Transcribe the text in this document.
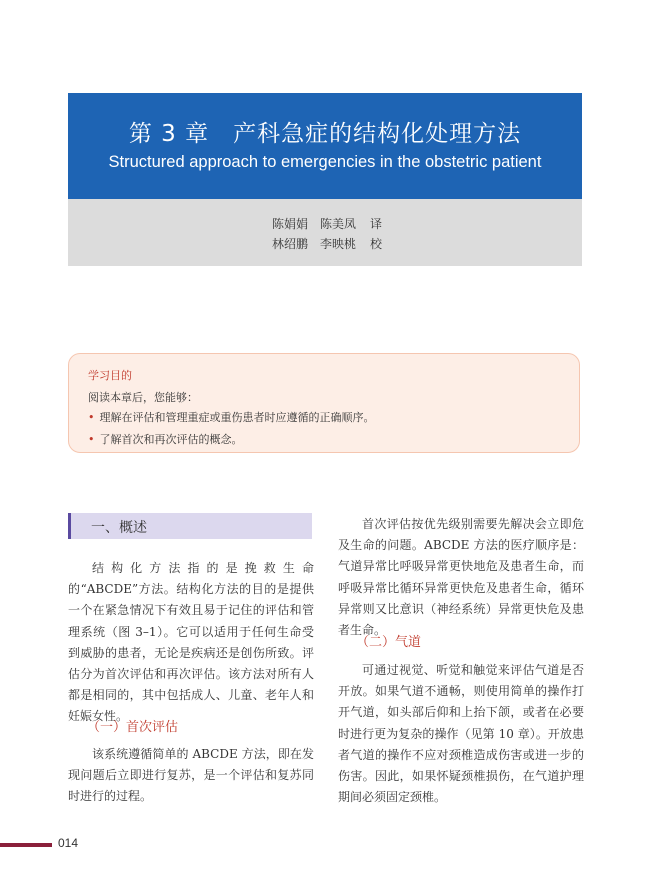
第 3 章　产科急症的结构化处理方法
Structured approach to emergencies in the obstetric patient
陈娟娟　陈美凤 译
林绍鹏　李映桃 校
学习目的
阅读本章后，您能够：
• 理解在评估和管理重症或重伤患者时应遵循的正确顺序。
• 了解首次和再次评估的概念。
一、概述

结构化方法指的是挽救生命的“ABCDE”方法。结构化方法的目的是提供一个在紧急情况下有效且易于记住的评估和管理系统（图 3–1）。它可以适用于任何生命受到威胁的患者，无论是疾病还是创伤所致。评估分为首次评估和再次评估。该方法对所有人都是相同的，其中包括成人、儿童、老年人和妊娠女性。

（一）首次评估

该系统遵循简单的 ABCDE 方法，即在发现问题后立即进行复苏，是一个评估和复苏同时进行的过程。

首次评估按优先级别需要先解决会立即危及生命的问题。ABCDE 方法的医疗顺序是：气道异常比呼吸异常更快地危及患者生命，而呼吸异常比循环异常更快危及患者生命，循环异常则又比意识（神经系统）异常更快危及患者生命。

（二）气道

可通过视觉、听觉和触觉来评估气道是否开放。如果气道不通畅，则使用简单的操作打开气道，如头部后仰和上抬下颌，或者在必要时进行更为复杂的操作（见第 10 章）。开放患者气道的操作不应对颈椎造成伤害或进一步的伤害。因此，如果怀疑颈椎损伤，在气道护理期间必须固定颈椎。

014
